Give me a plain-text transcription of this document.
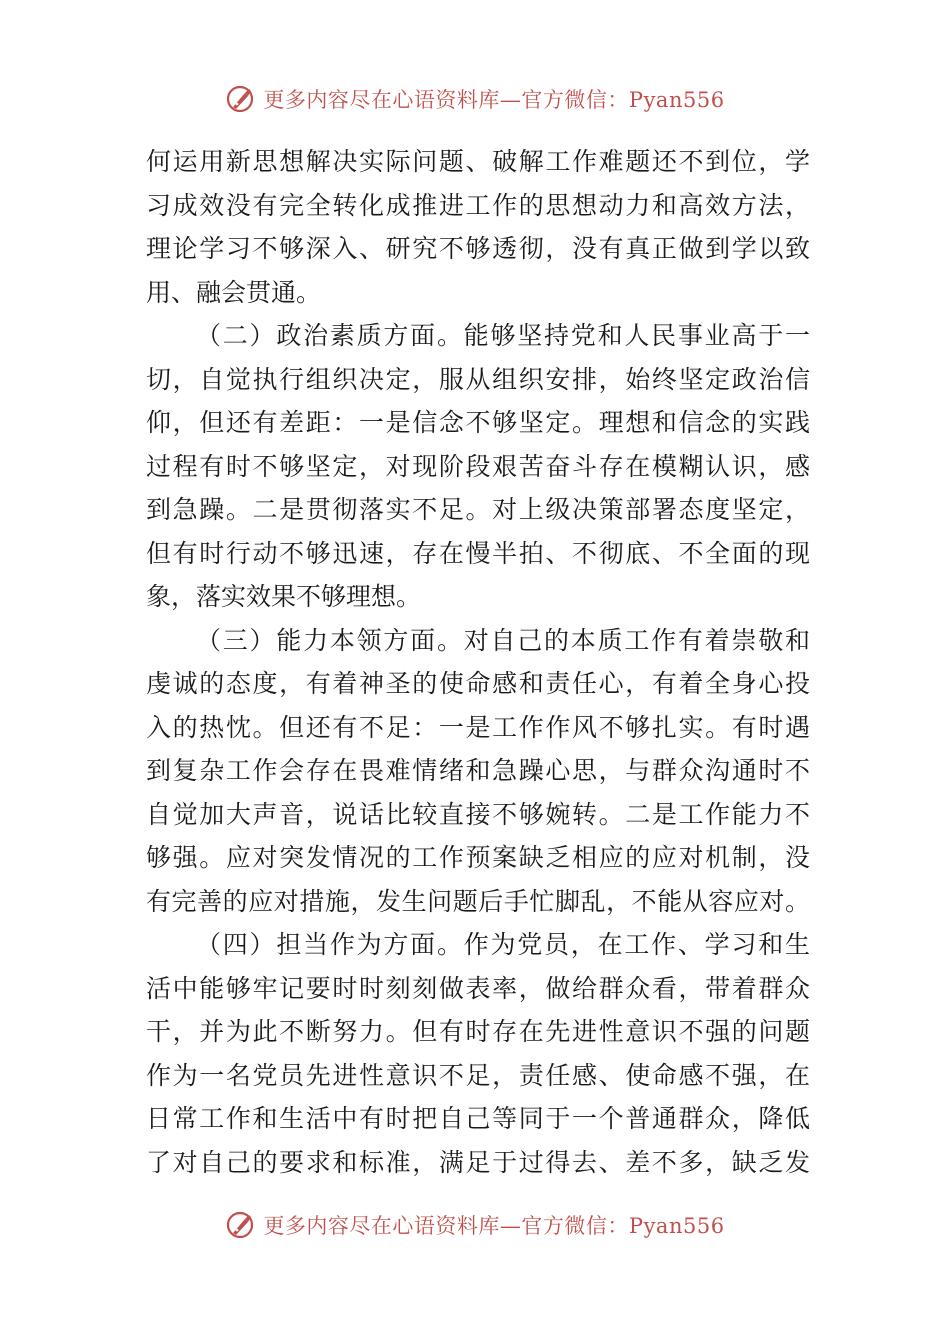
更多内容尽在心语资料库—官方微信：Pyan556
何运用新思想解决实际问题、破解工作难题还不到位，学
习成效没有完全转化成推进工作的思想动力和高效方法，
理论学习不够深入、研究不够透彻，没有真正做到学以致
用、融会贯通。
（二）政治素质方面。能够坚持党和人民事业高于一
切，自觉执行组织决定，服从组织安排，始终坚定政治信
仰，但还有差距：一是信念不够坚定。理想和信念的实践
过程有时不够坚定，对现阶段艰苦奋斗存在模糊认识，感
到急躁。二是贯彻落实不足。对上级决策部署态度坚定，
但有时行动不够迅速，存在慢半拍、不彻底、不全面的现
象，落实效果不够理想。
（三）能力本领方面。对自己的本质工作有着崇敬和
虔诚的态度，有着神圣的使命感和责任心，有着全身心投
入的热忱。但还有不足：一是工作作风不够扎实。有时遇
到复杂工作会存在畏难情绪和急躁心思，与群众沟通时不
自觉加大声音，说话比较直接不够婉转。二是工作能力不
够强。应对突发情况的工作预案缺乏相应的应对机制，没
有完善的应对措施，发生问题后手忙脚乱，不能从容应对。
（四）担当作为方面。作为党员，在工作、学习和生
活中能够牢记要时时刻刻做表率，做给群众看，带着群众
干，并为此不断努力。但有时存在先进性意识不强的问题
作为一名党员先进性意识不足，责任感、使命感不强，在
日常工作和生活中有时把自己等同于一个普通群众，降低
了对自己的要求和标准，满足于过得去、差不多，缺乏发
更多内容尽在心语资料库—官方微信：Pyan556
